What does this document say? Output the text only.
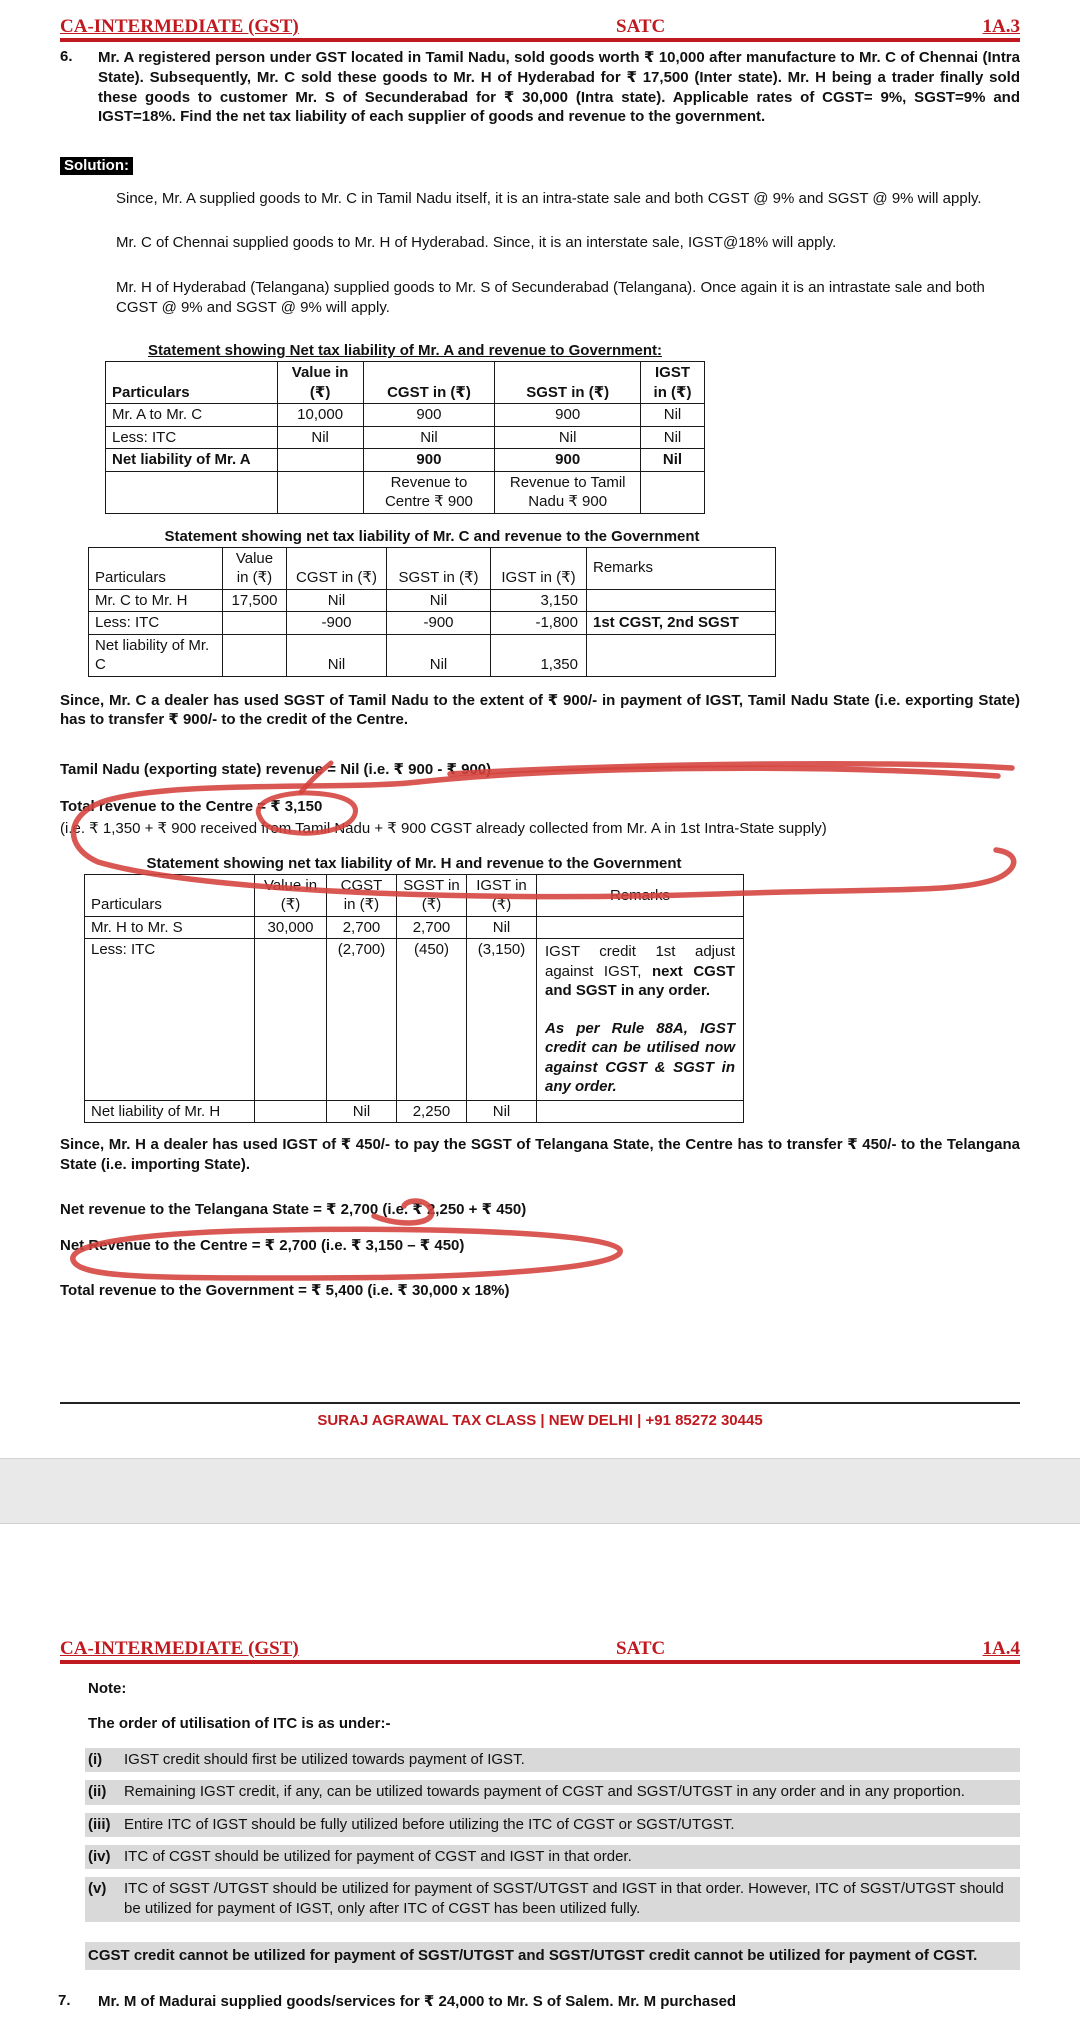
CA-INTERMEDIATE (GST)	SATC	1A.3
6.	Mr. A registered person under GST located in Tamil Nadu, sold goods worth ₹ 10,000 after manufacture to Mr. C of Chennai (Intra State). Subsequently, Mr. C sold these goods to Mr. H of Hyderabad for ₹ 17,500 (Inter state). Mr. H being a trader finally sold these goods to customer Mr. S of Secunderabad for ₹ 30,000 (Intra state). Applicable rates of CGST= 9%, SGST=9% and IGST=18%. Find the net tax liability of each supplier of goods and revenue to the government.
Solution:
Since, Mr. A supplied goods to Mr. C in Tamil Nadu itself, it is an intra-state sale and both CGST @ 9% and SGST @ 9% will apply.
Mr. C of Chennai supplied goods to Mr. H of Hyderabad. Since, it is an interstate sale, IGST@18% will apply.
Mr. H of Hyderabad (Telangana) supplied goods to Mr. S of Secunderabad (Telangana). Once again it is an intrastate sale and both CGST @ 9% and SGST @ 9% will apply.
Statement showing Net tax liability of Mr. A and revenue to Government:
Particulars	Value in (₹)	CGST in (₹)	SGST in (₹)	IGST in (₹)
Mr. A to Mr. C	10,000	900	900	Nil
Less: ITC	Nil	Nil	Nil	Nil
Net liability of Mr. A		900	900	Nil
		Revenue to Centre ₹ 900	Revenue to Tamil Nadu ₹ 900	
Statement showing net tax liability of Mr. C and revenue to the Government
Particulars	Value in (₹)	CGST in (₹)	SGST in (₹)	IGST in (₹)	Remarks
Mr. C to Mr. H	17,500	Nil	Nil	3,150	
Less: ITC		-900	-900	-1,800	1st CGST, 2nd SGST
Net liability of Mr. C		Nil	Nil	1,350	
Since, Mr. C a dealer has used SGST of Tamil Nadu to the extent of ₹ 900/- in payment of IGST, Tamil Nadu State (i.e. exporting State) has to transfer ₹ 900/- to the credit of the Centre.
Tamil Nadu (exporting state) revenue = Nil (i.e. ₹ 900 - ₹ 900)
Total revenue to the Centre
= ₹ 3,150
(i.e. ₹ 1,350 + ₹ 900 received from Tamil Nadu + ₹ 900 CGST already collected from Mr. A in 1st Intra-State supply)
Statement showing net tax liability of Mr. H and revenue to the Government
Particulars	Value in (₹)	CGST in (₹)	SGST in (₹)	IGST in (₹)	Remarks
Mr. H to Mr. S	30,000	2,700	2,700	Nil	
Less: ITC		(2,700)	(450)	(3,150)	IGST credit 1st adjust against IGST, next CGST and SGST in any order.
As per Rule 88A, IGST credit can be utilised now against CGST & SGST in any order.

Net liability of Mr. H		Nil	2,250	Nil	
Since, Mr. H a dealer has used IGST of ₹ 450/- to pay the SGST of Telangana State, the Centre has to transfer ₹ 450/- to the Telangana State (i.e. importing State).
Net revenue to the Telangana State = ₹ 2,700 (i.e. ₹ 2,250 + ₹ 450)
Net Revenue to the Centre = ₹ 2,700 (i.e. ₹ 3,150 – ₹ 450)
Total revenue to the Government = ₹ 5,400 (i.e. ₹ 30,000 x 18%)
SURAJ AGRAWAL TAX CLASS | NEW DELHI | +91 85272 30445
CA-INTERMEDIATE (GST)	SATC	1A.4
Note:
The order of utilisation of ITC is as under:-
(i)	IGST credit should first be utilized towards payment of IGST.
(ii)	Remaining IGST credit, if any, can be utilized towards payment of CGST and SGST/UTGST in any order and in any proportion.
(iii) Entire ITC of IGST should be fully utilized before utilizing the ITC of CGST or SGST/UTGST.
(iv) ITC of CGST should be utilized for payment of CGST and IGST in that order.
(v)	ITC of SGST /UTGST should be utilized for payment of SGST/UTGST and IGST in that order. However, ITC of SGST/UTGST should be utilized for payment of IGST, only after ITC of CGST has been utilized fully.
CGST credit cannot be utilized for payment of SGST/UTGST and SGST/UTGST credit cannot be utilized for payment of CGST.
7.	Mr. M of Madurai supplied goods/services for ₹ 24,000 to Mr. S of Salem. Mr. M purchased
